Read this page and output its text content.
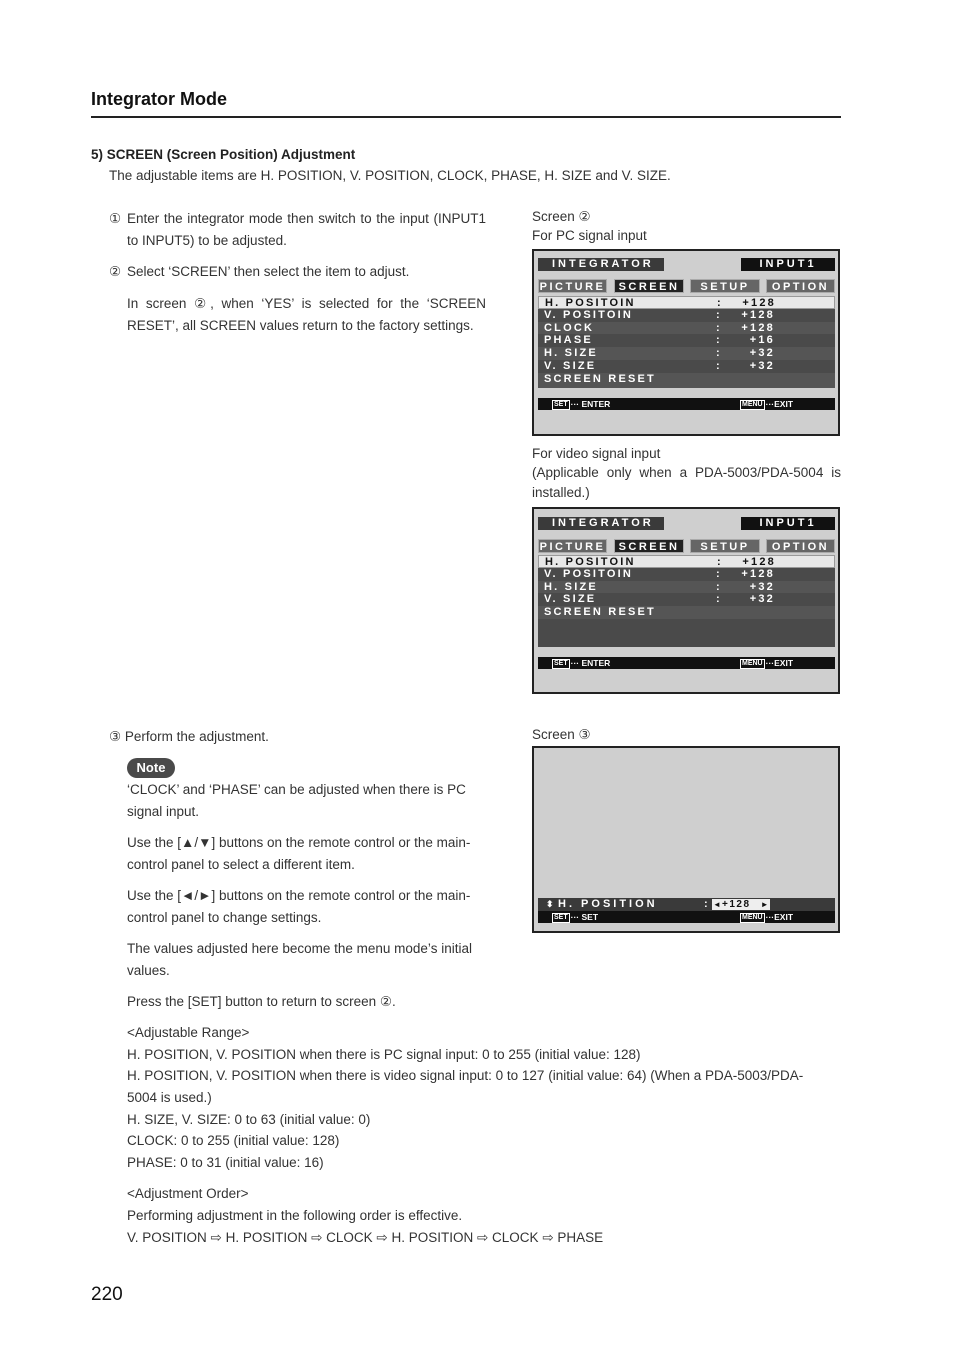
Integrator Mode
5) SCREEN (Screen Position) Adjustment
The adjustable items are H. POSITION, V. POSITION, CLOCK, PHASE, H. SIZE and V. SIZE.
① Enter the integrator mode then switch to the input (INPUT1 to INPUT5) to be adjusted.
② Select ‘SCREEN’ then select the item to adjust.
In screen ②, when ‘YES’ is selected for the ‘SCREEN RESET’, all SCREEN values return to the factory settings.
③ Perform the adjustment.
Note
‘CLOCK’ and ‘PHASE’ can be adjusted when there is PC signal input.
Use the [▲/▼] buttons on the remote control or the main-control panel to select a different item.
Use the [◄/►] buttons on the remote control or the main-control panel to change settings.
The values adjusted here become the menu mode’s initial values.
Press the [SET] button to return to screen ②.
<Adjustable Range>
H. POSITION, V. POSITION when there is PC signal input: 0 to 255 (initial value: 128)
H. POSITION, V. POSITION when there is video signal input: 0 to 127 (initial value: 64) (When a PDA-5003/PDA-
5004 is used.)
H. SIZE, V. SIZE: 0 to 63 (initial value: 0)
CLOCK: 0 to 255 (initial value: 128)
PHASE: 0 to 31 (initial value: 16)
<Adjustment Order>
Performing adjustment in the following order is effective.
V. POSITION ⇨ H. POSITION ⇨ CLOCK ⇨ H. POSITION ⇨ CLOCK ⇨ PHASE
220
Screen ②
For PC signal input
For video signal input
(Applicable only when a PDA-5003/PDA-5004 is installed.)
Screen ③
INTEGRATOR	INPUT1
PICTURE	SCREEN	SETUP	OPTION
H. POSITOIN	:	+128
V. POSITOIN	:	+128
CLOCK	:	+128
PHASE	:	+16
H. SIZE	:	+32
V. SIZE	:	+32
SCREEN RESET
SET ··· ENTER	MENU ···EXIT
INTEGRATOR	INPUT1
PICTURE	SCREEN	SETUP	OPTION
H. POSITOIN	:	+128
V. POSITOIN	:	+128
H. SIZE	:	+32
V. SIZE	:	+32
SCREEN RESET
SET ··· ENTER	MENU ···EXIT
⬍ H. POSITION	: ◄ +128 ►
SET ··· SET	MENU ···EXIT
